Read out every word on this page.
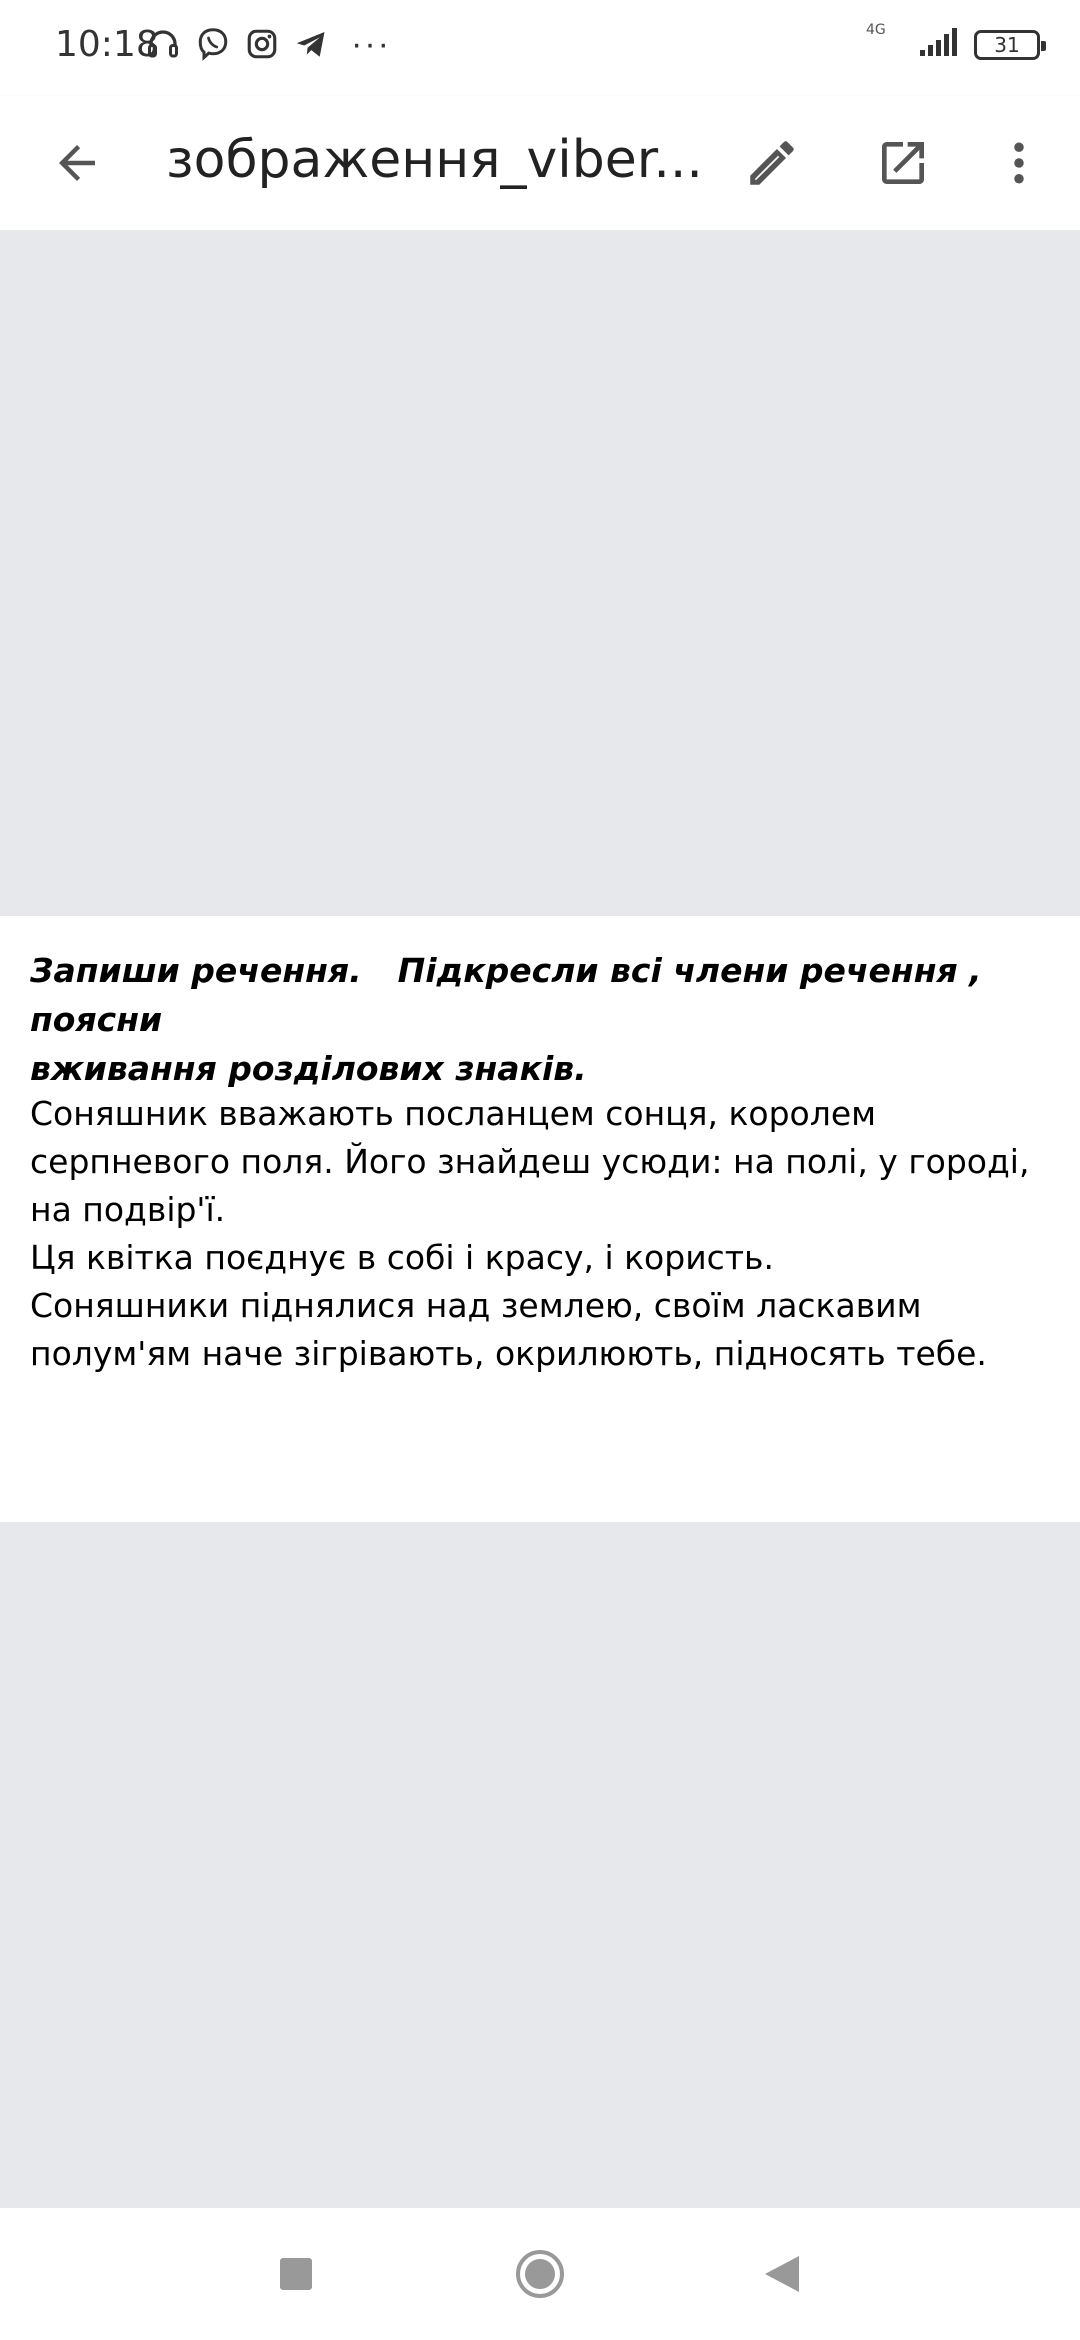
10:18	···	4G
31
зображення_viber...
Запиши речення. Підкресли всі члени речення , поясни
вживання розділових знаків.
Соняшник вважають посланцем сонця, королем
серпневого поля. Його знайдеш усюди: на полі, у городі,
на подвір'ї.
Ця квітка поєднує в собі і красу, і користь.
Соняшники піднялися над землею, своїм ласкавим
полум'ям наче зігрівають, окрилюють, підносять тебе.
